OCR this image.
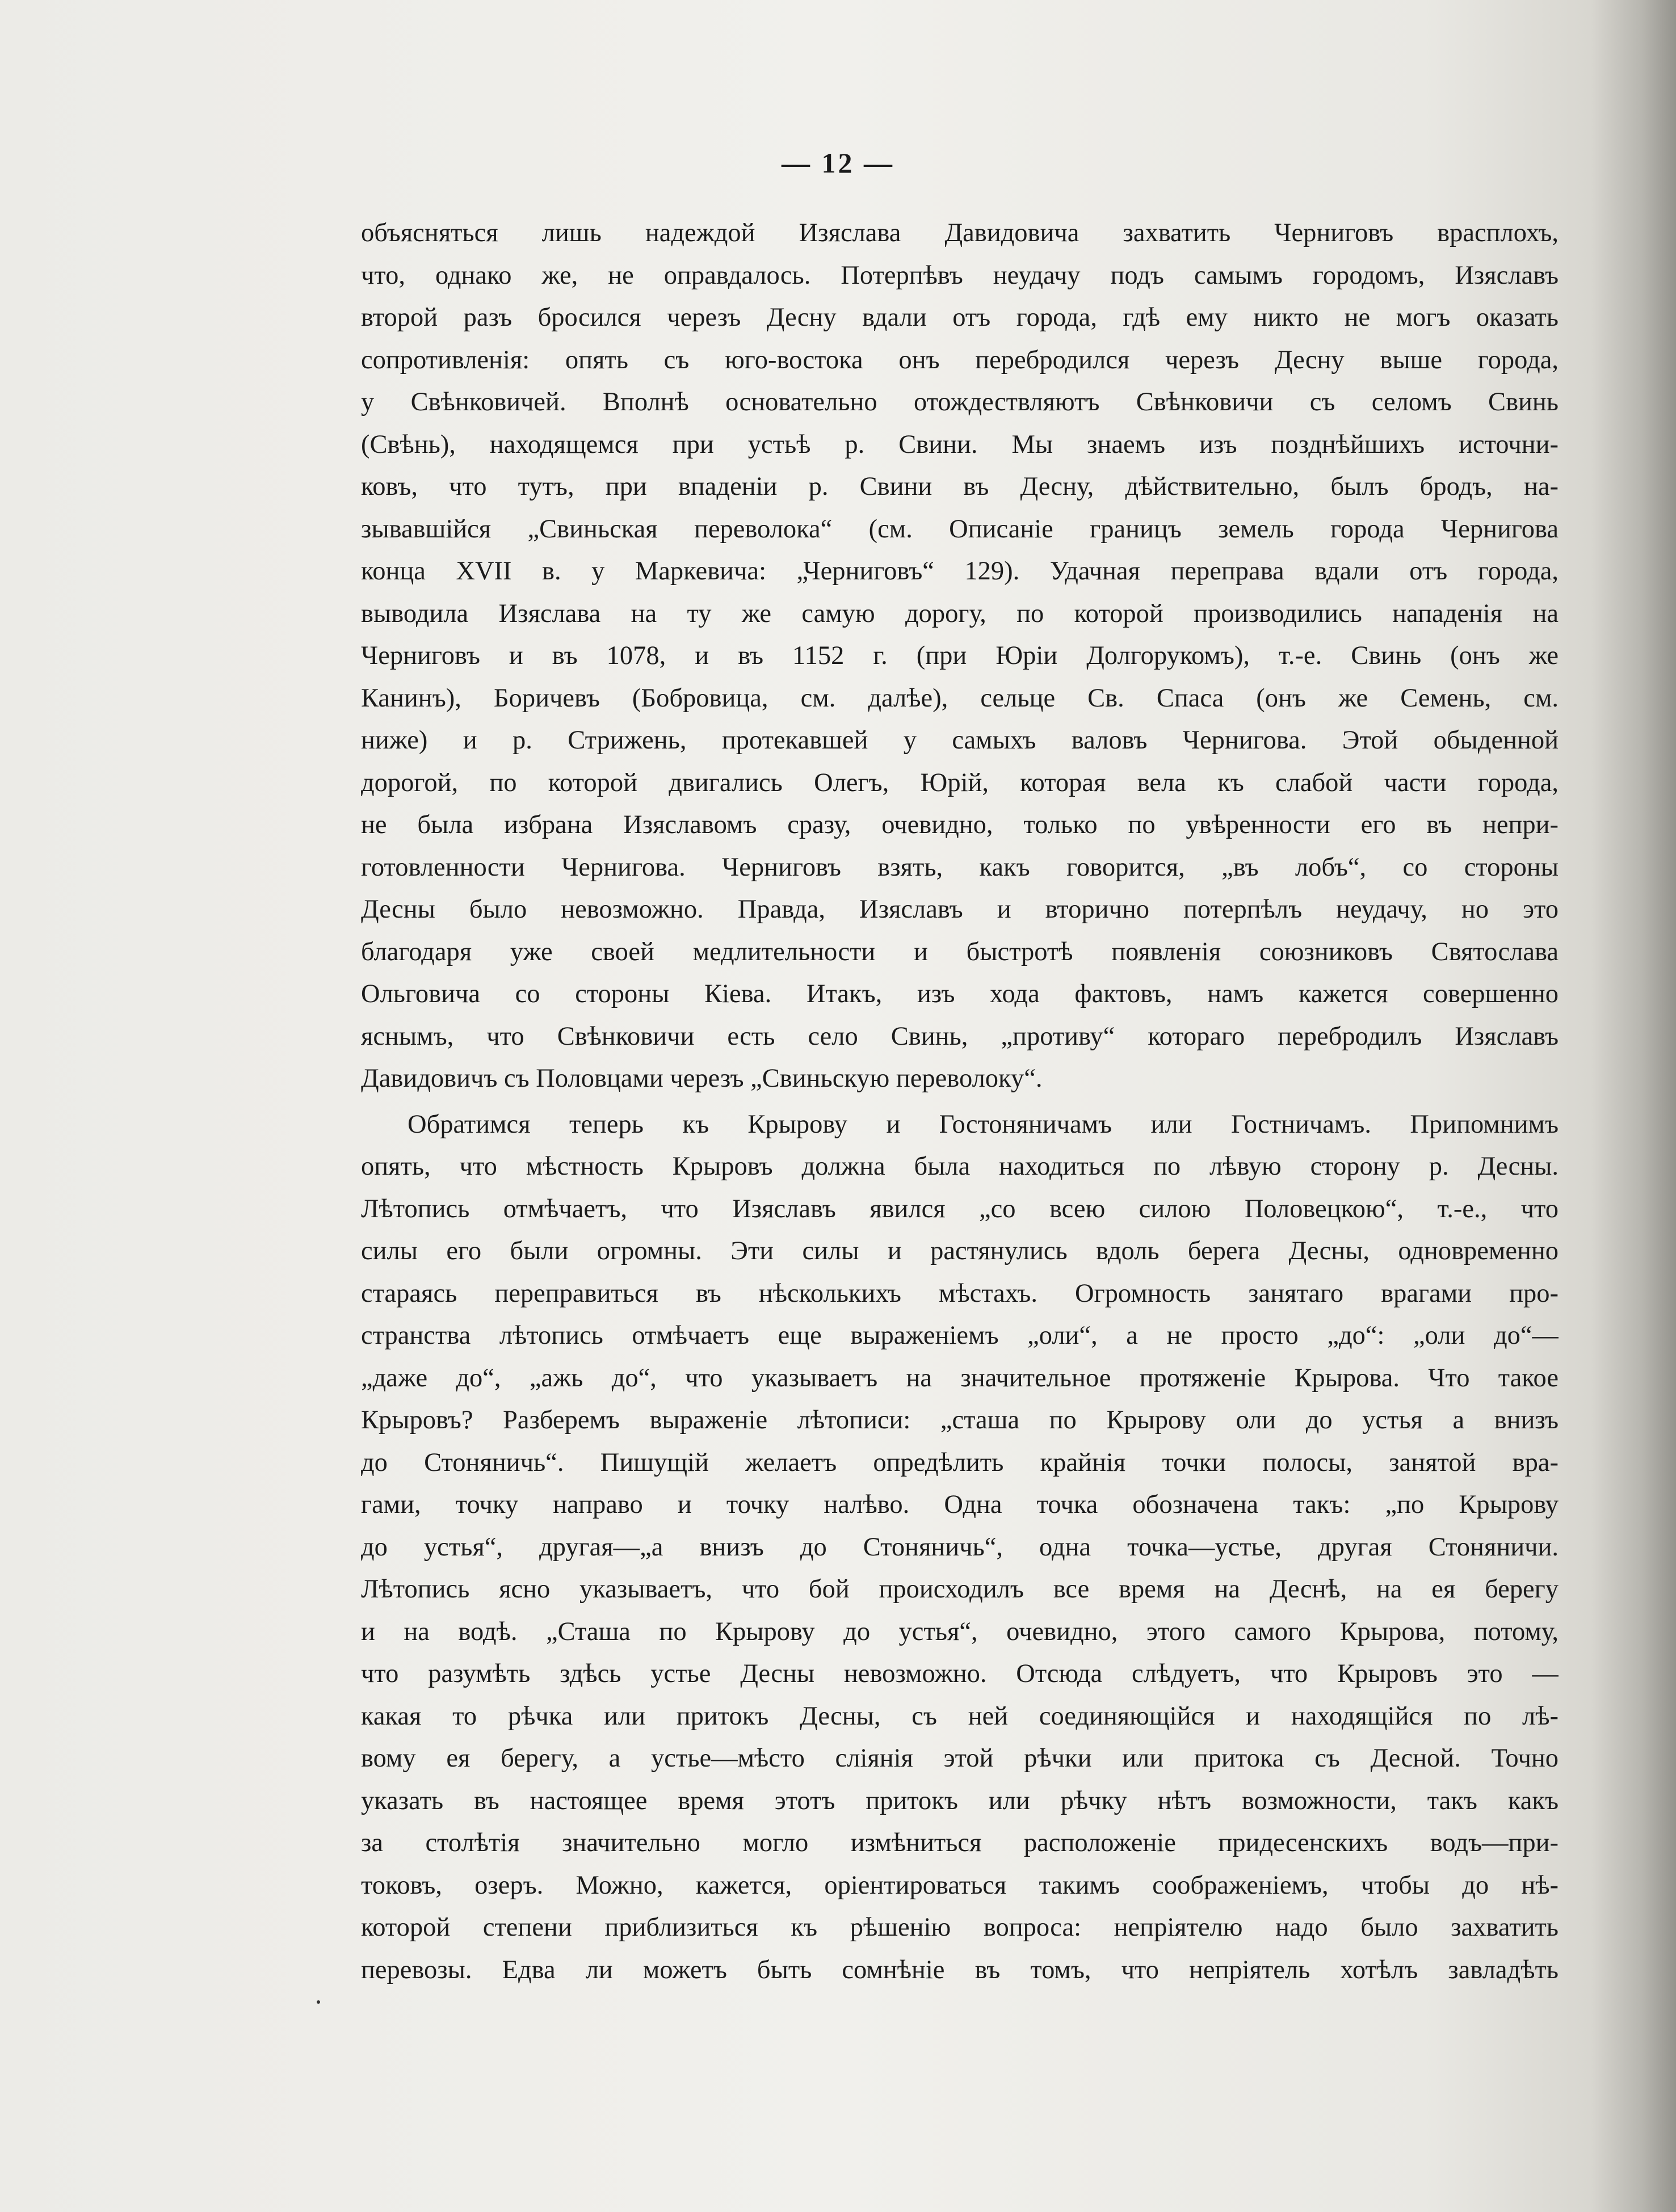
— 12 —
объясняться лишь надеждой Изяслава Давидовича захватить Черниговъ врасплохъ,
что, однако же, не оправдалось. Потерпѣвъ неудачу подъ самымъ городомъ, Изяславъ
второй разъ бросился черезъ Десну вдали отъ города, гдѣ ему никто не могъ оказать
сопротивленія: опять съ юго-востока онъ перебродился черезъ Десну выше города,
у Свѣнковичей. Вполнѣ основательно отождествляютъ Свѣнковичи съ селомъ Свинь
(Свѣнь), находящемся при устьѣ р. Свини. Мы знаемъ изъ позднѣйшихъ источни-
ковъ, что тутъ, при впаденіи р. Свини въ Десну, дѣйствительно, былъ бродъ, на-
зывавшійся „Свиньская переволока“ (см. Описаніе границъ земель города Чернигова
конца XVII в. у Маркевича: „Черниговъ“ 129). Удачная переправа вдали отъ города,
выводила Изяслава на ту же самую дорогу, по которой производились нападенія на
Черниговъ и въ 1078, и въ 1152 г. (при Юріи Долгорукомъ), т.-е. Свинь (онъ же
Канинъ), Боричевъ (Бобровица, см. далѣе), сельце Св. Спаса (онъ же Семень, см.
ниже) и р. Стрижень, протекавшей у самыхъ валовъ Чернигова. Этой обыденной
дорогой, по которой двигались Олегъ, Юрій, которая вела къ слабой части города,
не была избрана Изяславомъ сразу, очевидно, только по увѣренности его въ непри-
готовленности Чернигова. Черниговъ взять, какъ говорится, „въ лобъ“, со стороны
Десны было невозможно. Правда, Изяславъ и вторично потерпѣлъ неудачу, но это
благодаря уже своей медлительности и быстротѣ появленія союзниковъ Святослава
Ольговича со стороны Кіева. Итакъ, изъ хода фактовъ, намъ кажется совершенно
яснымъ, что Свѣнковичи есть село Свинь, „противу“ котораго перебродилъ Изяславъ
Давидовичъ съ Половцами черезъ „Свиньскую переволоку“.
Обратимся теперь къ Крырову и Гостоняничамъ или Гостничамъ. Припомнимъ
опять, что мѣстность Крыровъ должна была находиться по лѣвую сторону р. Десны.
Лѣтопись отмѣчаетъ, что Изяславъ явился „со всею силою Половецкою“, т.-е., что
силы его были огромны. Эти силы и растянулись вдоль берега Десны, одновременно
стараясь переправиться въ нѣсколькихъ мѣстахъ. Огромность занятаго врагами про-
странства лѣтопись отмѣчаетъ еще выраженіемъ „оли“, а не просто „до“: „оли до“—
„даже до“, „ажь до“, что указываетъ на значительное протяженіе Крырова. Что такое
Крыровъ? Разберемъ выраженіе лѣтописи: „сташа по Крырову оли до устья а внизъ
до Стоняничь“. Пишущій желаетъ опредѣлить крайнія точки полосы, занятой вра-
гами, точку направо и точку налѣво. Одна точка обозначена такъ: „по Крырову
до устья“, другая—„а внизъ до Стоняничь“, одна точка—устье, другая Стоняничи.
Лѣтопись ясно указываетъ, что бой происходилъ все время на Деснѣ, на ея берегу
и на водѣ. „Сташа по Крырову до устья“, очевидно, этого самого Крырова, потому,
что разумѣть здѣсь устье Десны невозможно. Отсюда слѣдуетъ, что Крыровъ это —
какая то рѣчка или притокъ Десны, съ ней соединяющійся и находящійся по лѣ-
вому ея берегу, а устье—мѣсто сліянія этой рѣчки или притока съ Десной. Точно
указать въ настоящее время этотъ притокъ или рѣчку нѣтъ возможности, такъ какъ
за столѣтія значительно могло измѣниться расположеніе придесенскихъ водъ—при-
токовъ, озеръ. Можно, кажется, оріентироваться такимъ соображеніемъ, чтобы до нѣ-
которой степени приблизиться къ рѣшенію вопроса: непріятелю надо было захватить
перевозы. Едва ли можетъ быть сомнѣніе въ томъ, что непріятель хотѣлъ завладѣть
